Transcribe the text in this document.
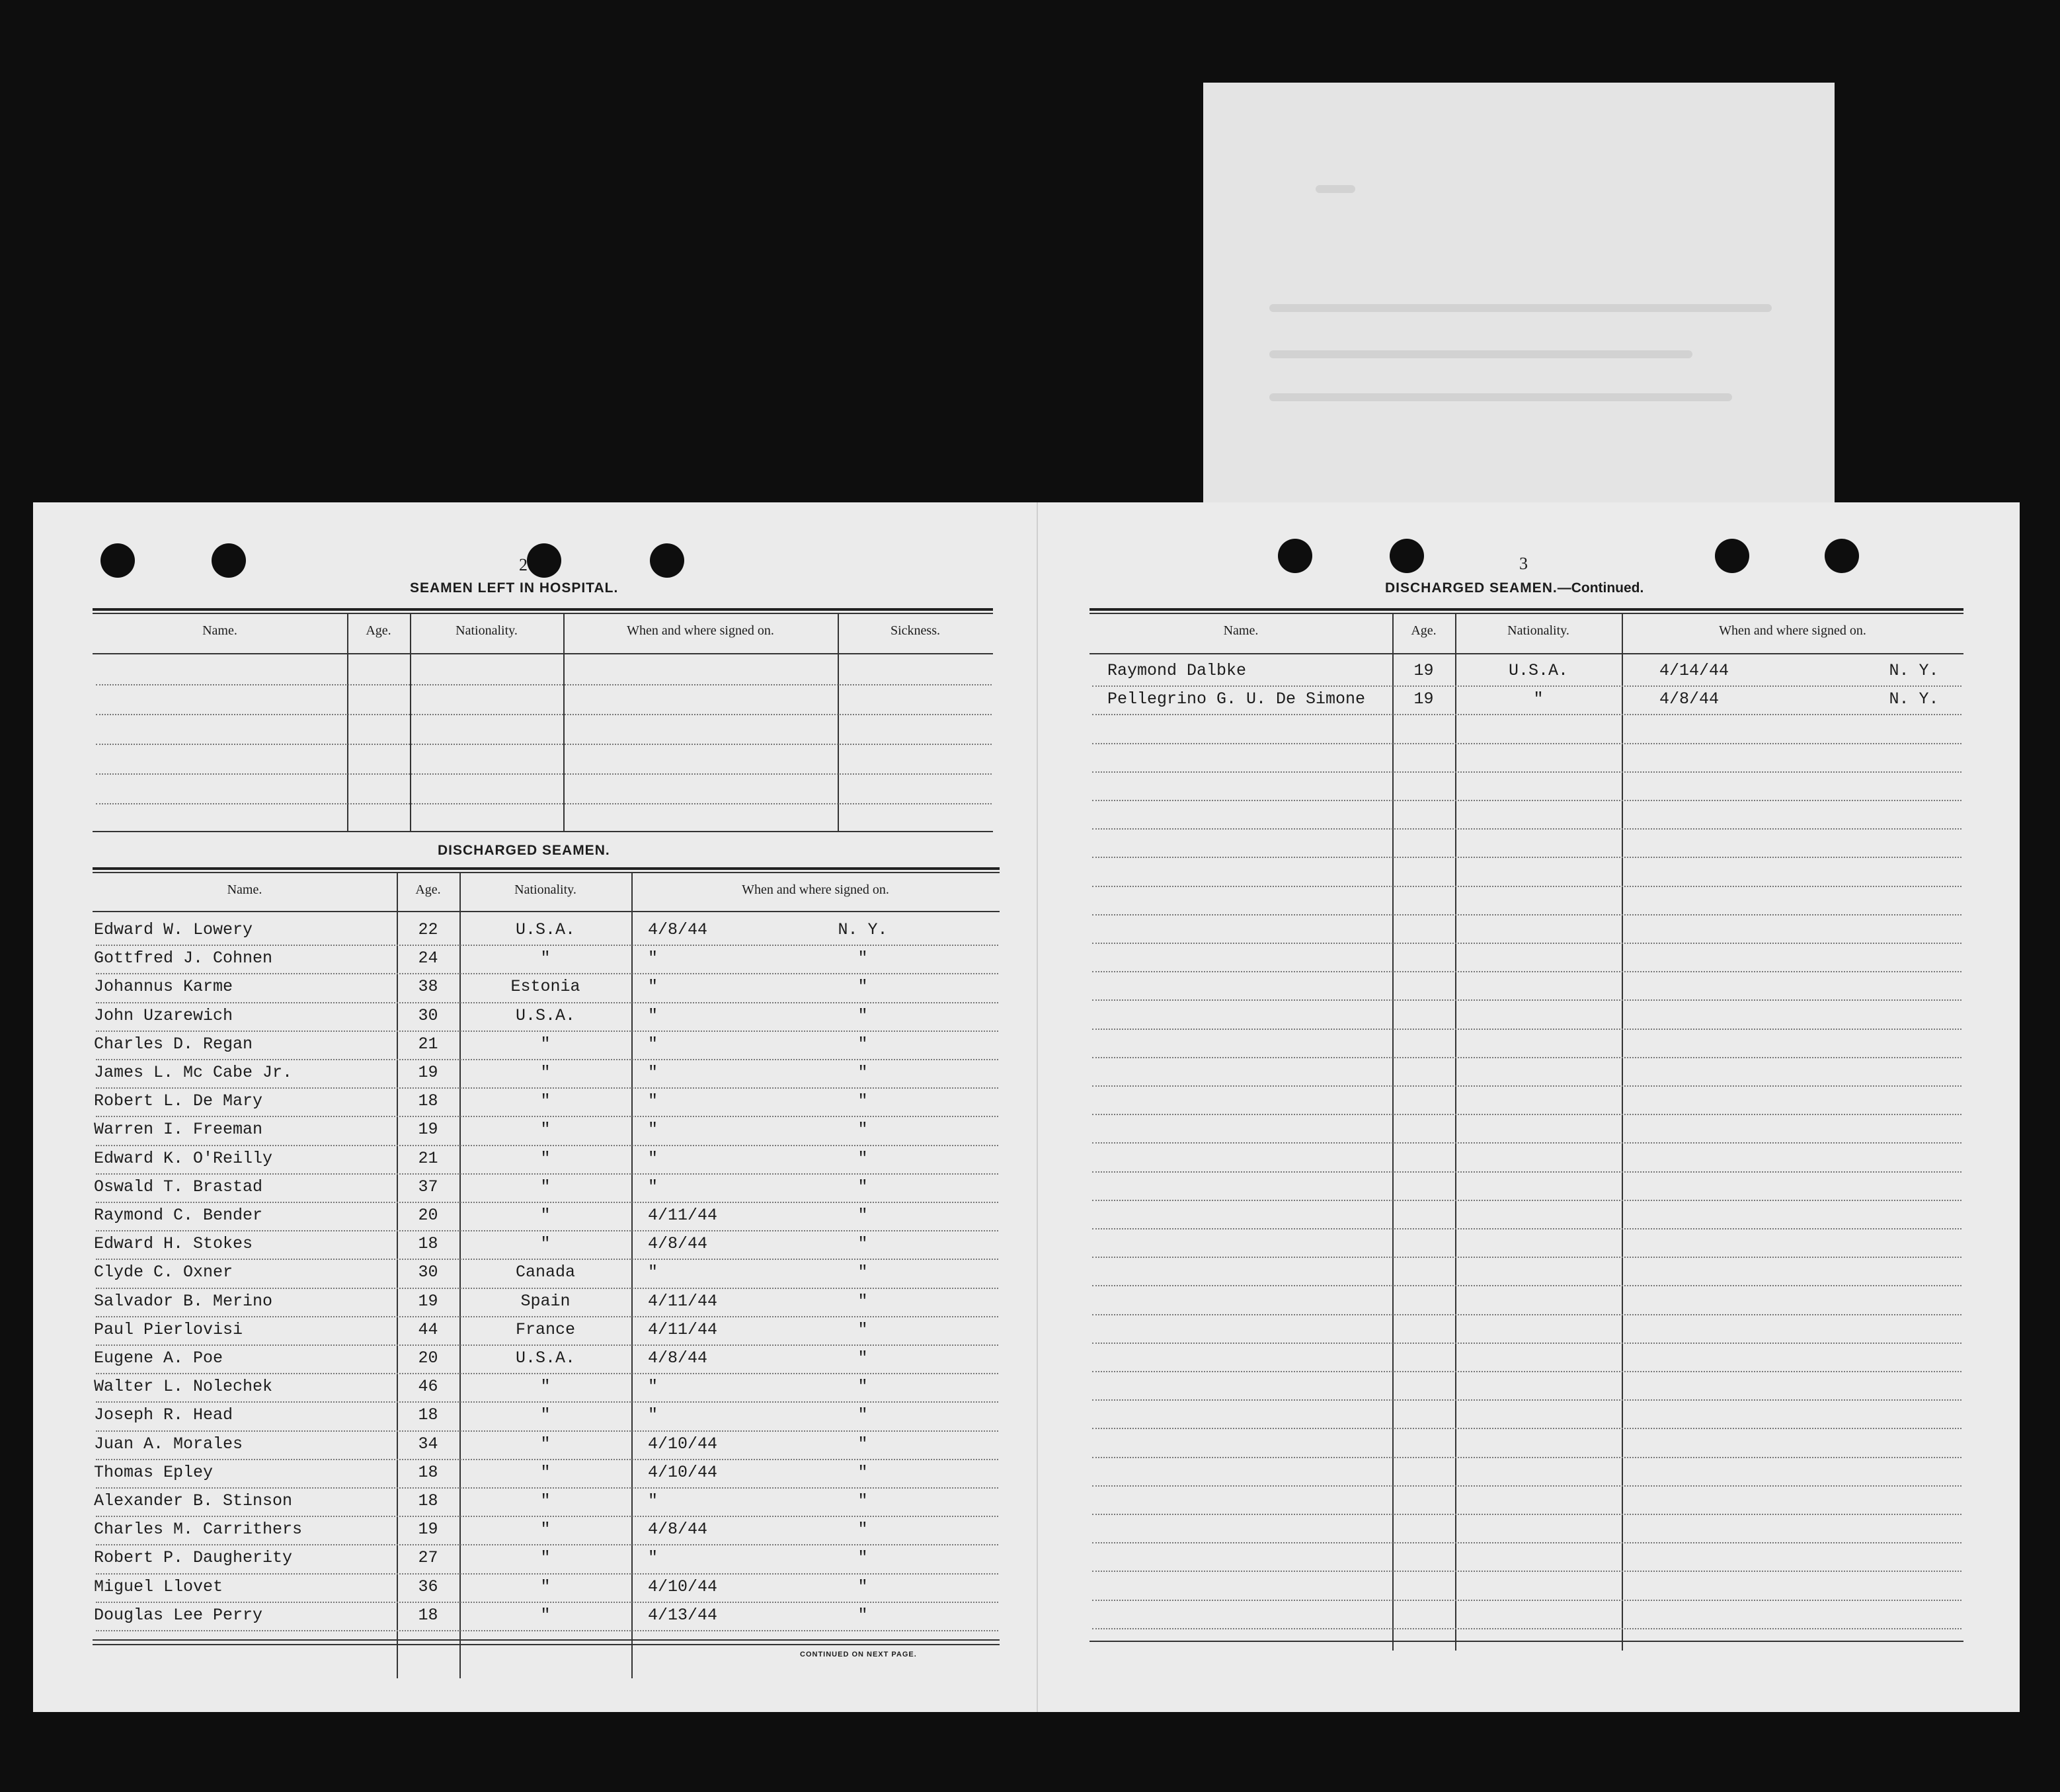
2
SEAMEN LEFT IN HOSPITAL.
Name.	Age.	Nationality.	When and where signed on.	Sickness.
DISCHARGED SEAMEN.
Name.	Age.	Nationality.	When and where signed on.
Edward W. Lowery	22	U.S.A.	4/8/44	N. Y.
Gottfred J. Cohnen	24	"	"	"
Johannus Karme	38	Estonia	"	"
John Uzarewich	30	U.S.A.	"	"
Charles D. Regan	21	"	"	"
James L. Mc Cabe Jr.	19	"	"	"
Robert L. De Mary	18	"	"	"
Warren I. Freeman	19	"	"	"
Edward K. O'Reilly	21	"	"	"
Oswald T. Brastad	37	"	"	"
Raymond C. Bender	20	"	4/11/44	"
Edward H. Stokes	18	"	4/8/44	"
Clyde C. Oxner	30	Canada	"	"
Salvador B. Merino	19	Spain	4/11/44	"
Paul Pierlovisi	44	France	4/11/44	"
Eugene A. Poe	20	U.S.A.	4/8/44	"
Walter L. Nolechek	46	"	"	"
Joseph R. Head	18	"	"	"
Juan A. Morales	34	"	4/10/44	"
Thomas Epley	18	"	4/10/44	"
Alexander B. Stinson	18	"	"	"
Charles M. Carrithers	19	"	4/8/44	"
Robert P. Daugherity	27	"	"	"
Miguel Llovet	36	"	4/10/44	"
Douglas Lee Perry	18	"	4/13/44	"
CONTINUED ON NEXT PAGE.
3
DISCHARGED SEAMEN.—Continued.
Name.	Age.	Nationality.	When and where signed on.
Raymond Dalbke	19	U.S.A.	4/14/44	N. Y.
Pellegrino G. U. De Simone	19	"	4/8/44	N. Y.
